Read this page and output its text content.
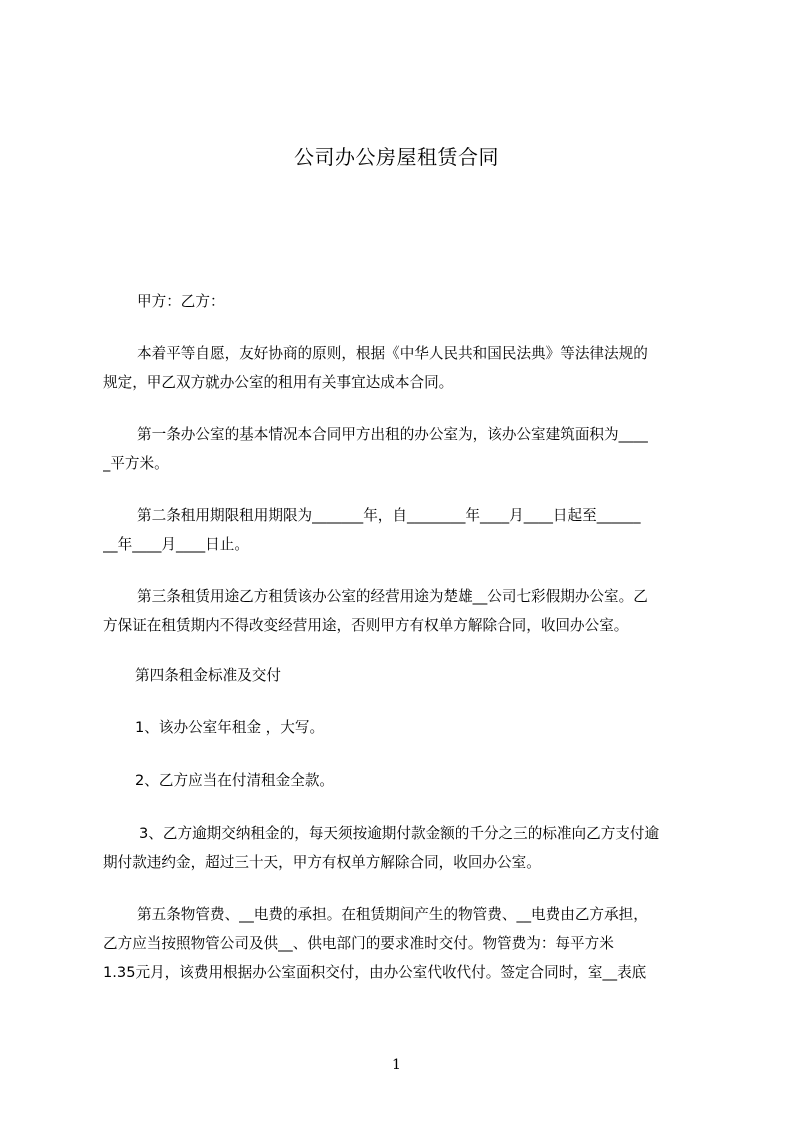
公司办公房屋租赁合同
甲方：乙方：
本着平等自愿，友好协商的原则，根据《中华人民共和国民法典》等法律法规的
规定，甲乙双方就办公室的租用有关事宜达成本合同。
第一条办公室的基本情况本合同甲方出租的办公室为，该办公室建筑面积为____
_平方米。
第二条租用期限租用期限为_______年，自________年____月____日起至______
__年____月____日止。
第三条租赁用途乙方租赁该办公室的经营用途为楚雄__公司七彩假期办公室。乙
方保证在租赁期内不得改变经营用途，否则甲方有权单方解除合同，收回办公室。
第四条租金标准及交付
1、该办公室年租金 ，大写。
2、乙方应当在付清租金全款。
3、乙方逾期交纳租金的，每天须按逾期付款金额的千分之三的标准向乙方支付逾
期付款违约金，超过三十天，甲方有权单方解除合同，收回办公室。
第五条物管费、__电费的承担。在租赁期间产生的物管费、__电费由乙方承担，
乙方应当按照物管公司及供__、供电部门的要求准时交付。物管费为：每平方米
1.35元月，该费用根据办公室面积交付，由办公室代收代付。签定合同时，室__表底
1
